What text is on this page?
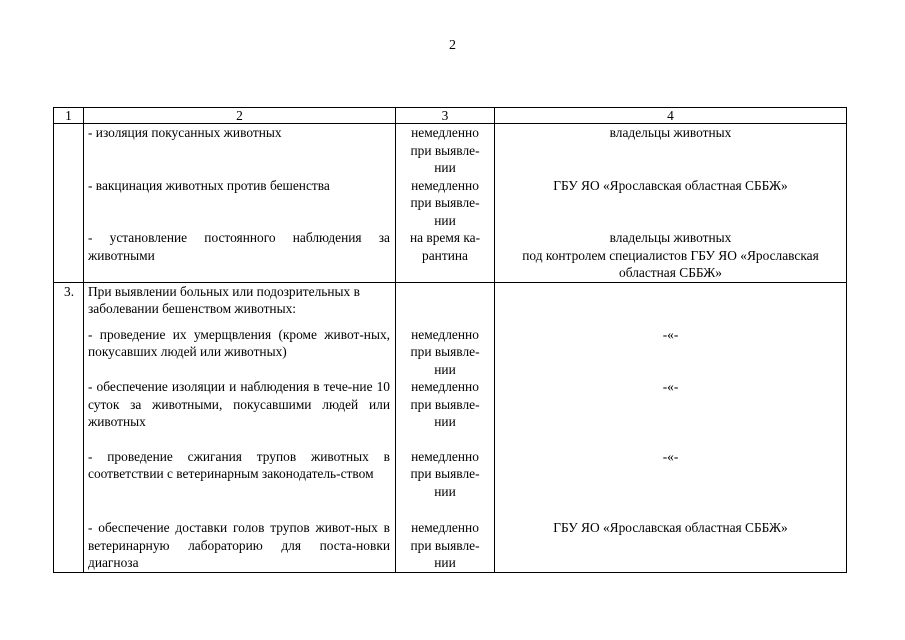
2
1	2	3	4
	- изоляция покусанных животных	немедленно
при выявле-
нии	владельцы животных
	- вакцинация животных против бешенства	немедленно
при выявле-
нии	ГБУ ЯО «Ярославская областная СББЖ»
	- установление постоянного наблюдения за животными	на время ка-
рантина	владельцы животных
под контролем специалистов ГБУ ЯО «Ярославская
областная СББЖ»
3.	При выявлении больных или подозрительных в заболевании бешенством животных:		

	- проведение их умерщвления (кроме живот-ных, покусавших людей или животных)	немедленно
при выявле-
нии	-«-
	- обеспечение изоляции и наблюдения в тече-ние 10 суток за животными, покусавшими людей или животных	немедленно
при выявле-
нии	-«-

	- проведение сжигания трупов животных в соответствии с ветеринарным законодатель-ством	немедленно
при выявле-
нии	-«-

	- обеспечение доставки голов трупов живот-ных в ветеринарную лабораторию для поста-новки диагноза	немедленно
при выявле-
нии	ГБУ ЯО «Ярославская областная СББЖ»
